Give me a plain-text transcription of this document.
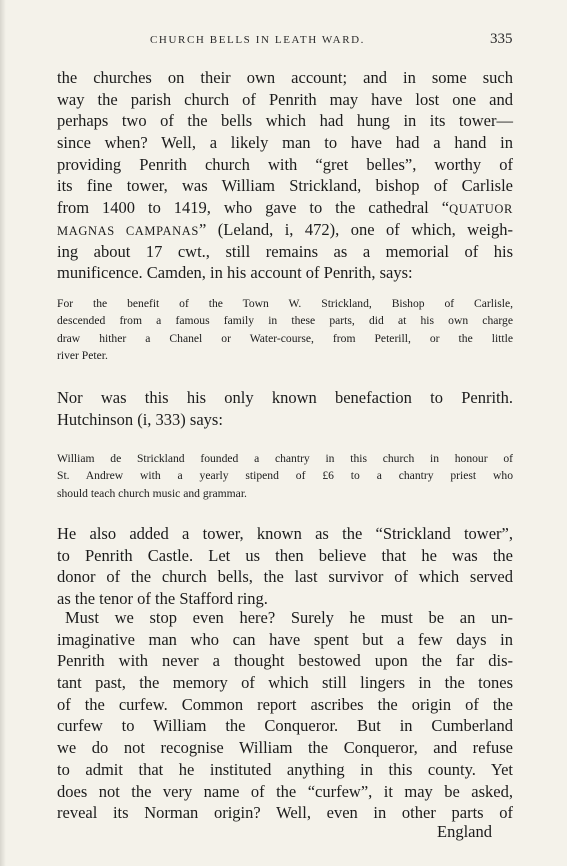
CHURCH BELLS IN LEATH WARD.	335
the churches on their own account; and in some such
way the parish church of Penrith may have lost one and
perhaps two of the bells which had hung in its tower—
since when? Well, a likely man to have had a hand in
providing Penrith church with “gret belles”, worthy of
its fine tower, was William Strickland, bishop of Carlisle
from 1400 to 1419, who gave to the cathedral “QUATUOR
MAGNAS CAMPANAS” (Leland, i, 472), one of which, weigh-
ing about 17 cwt., still remains as a memorial of his
munificence. Camden, in his account of Penrith, says:
For the benefit of the Town W. Strickland, Bishop of Carlisle,
descended from a famous family in these parts, did at his own charge
draw hither a Chanel or Water-course, from Peterill, or the little
river Peter.
Nor was this his only known benefaction to Penrith.
Hutchinson (i, 333) says:
William de Strickland founded a chantry in this church in honour of
St. Andrew with a yearly stipend of £6 to a chantry priest who
should teach church music and grammar.
He also added a tower, known as the “Strickland tower”,
to Penrith Castle. Let us then believe that he was the
donor of the church bells, the last survivor of which served
as the tenor of the Stafford ring.
Must we stop even here? Surely he must be an un-
imaginative man who can have spent but a few days in
Penrith with never a thought bestowed upon the far dis-
tant past, the memory of which still lingers in the tones
of the curfew. Common report ascribes the origin of the
curfew to William the Conqueror. But in Cumberland
we do not recognise William the Conqueror, and refuse
to admit that he instituted anything in this county. Yet
does not the very name of the “curfew”, it may be asked,
reveal its Norman origin? Well, even in other parts of
England
